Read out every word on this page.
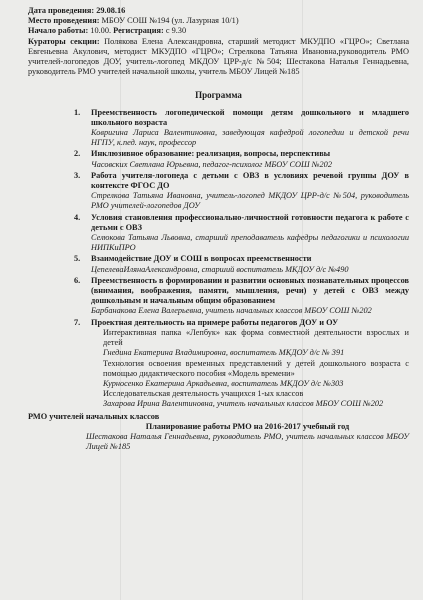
Дата проведения: 29.08.16
Место проведения: МБОУ СОШ №194 (ул. Лазурная 10/1)
Начало работы: 10.00. Регистрация: с 9.30
Кураторы секции: Полякова Елена Александровна, старший методист МКУДПО «ГЦРО»; Светлана Евгеньевна Акулович, методист МКУДПО «ГЦРО»; Стрелкова Татьяна Ивановна,руководитель РМО учителей-логопедов ДОУ, учитель-логопед МКДОУ ЦРР-д/с №504; Шестакова Наталья Геннадьевна, руководитель РМО учителей начальной школы, учитель МБОУ Лицей №185
Программа
1.	Преемственность логопедической помощи детям дошкольного и младшего школьного возраста
Ковригина Лариса Валентиновна, заведующая кафедрой логопедии и детской речи НГПУ, к.пед. наук, профессор
2.	Инклюзивное образование: реализация, вопросы, перспективы
Часовских Светлана Юрьевна, педагог-психолог МБОУ СОШ №202
3.	Работа учителя-логопеда с детьми с ОВЗ в условиях речевой группы ДОУ в контексте ФГОС ДО
Стрелкова Татьяна Ивановна, учитель-логопед МКДОУ ЦРР-д/с №504, руководитель РМО учителей-логопедов ДОУ
4.	Условия становления профессионально-личностной готовности педагога к работе с детьми с ОВЗ
Селюкова Татьяна Львовна, старший преподаватель кафедры педагогики и психологии НИПКиПРО
5.	Взаимодействие ДОУ и СОШ в вопросах преемственности
ЦепелеваИлянаАлександровна, старший воспитатель МКДОУ д/с №490
6.	Преемственность в формировании и развитии основных познавательных процессов (внимания, воображения, памяти, мышления, речи) у детей с ОВЗ между дошкольным и начальным общим образованием
Барбанакова Елена Валерьевна, учитель начальных классов МБОУ СОШ №202
7.	Проектная деятельность на примере работы педагогов ДОУ и ОУ
Интерактивная папка «Лепбук» как форма совместной деятельности взрослых и детей
Гнедина Екатерина Владимировна, воспитатель МКДОУ д/с № 391
Технология освоения временных представлений у детей дошкольного возраста с помощью дидактического пособия «Модель времени»
Курносенко Екатерина Аркадьевна, воспитатель МКДОУ д/с №303
Исследовательская деятельность учащихся 1-ых классов
Захарова Ирина Валентиновна, учитель начальных классов МБОУ СОШ №202
РМО учителей начальных классов
Планирование работы РМО на 2016-2017 учебный год
Шестакова Наталья Геннадьевна, руководитель РМО, учитель начальных классов МБОУ Лицей №185
